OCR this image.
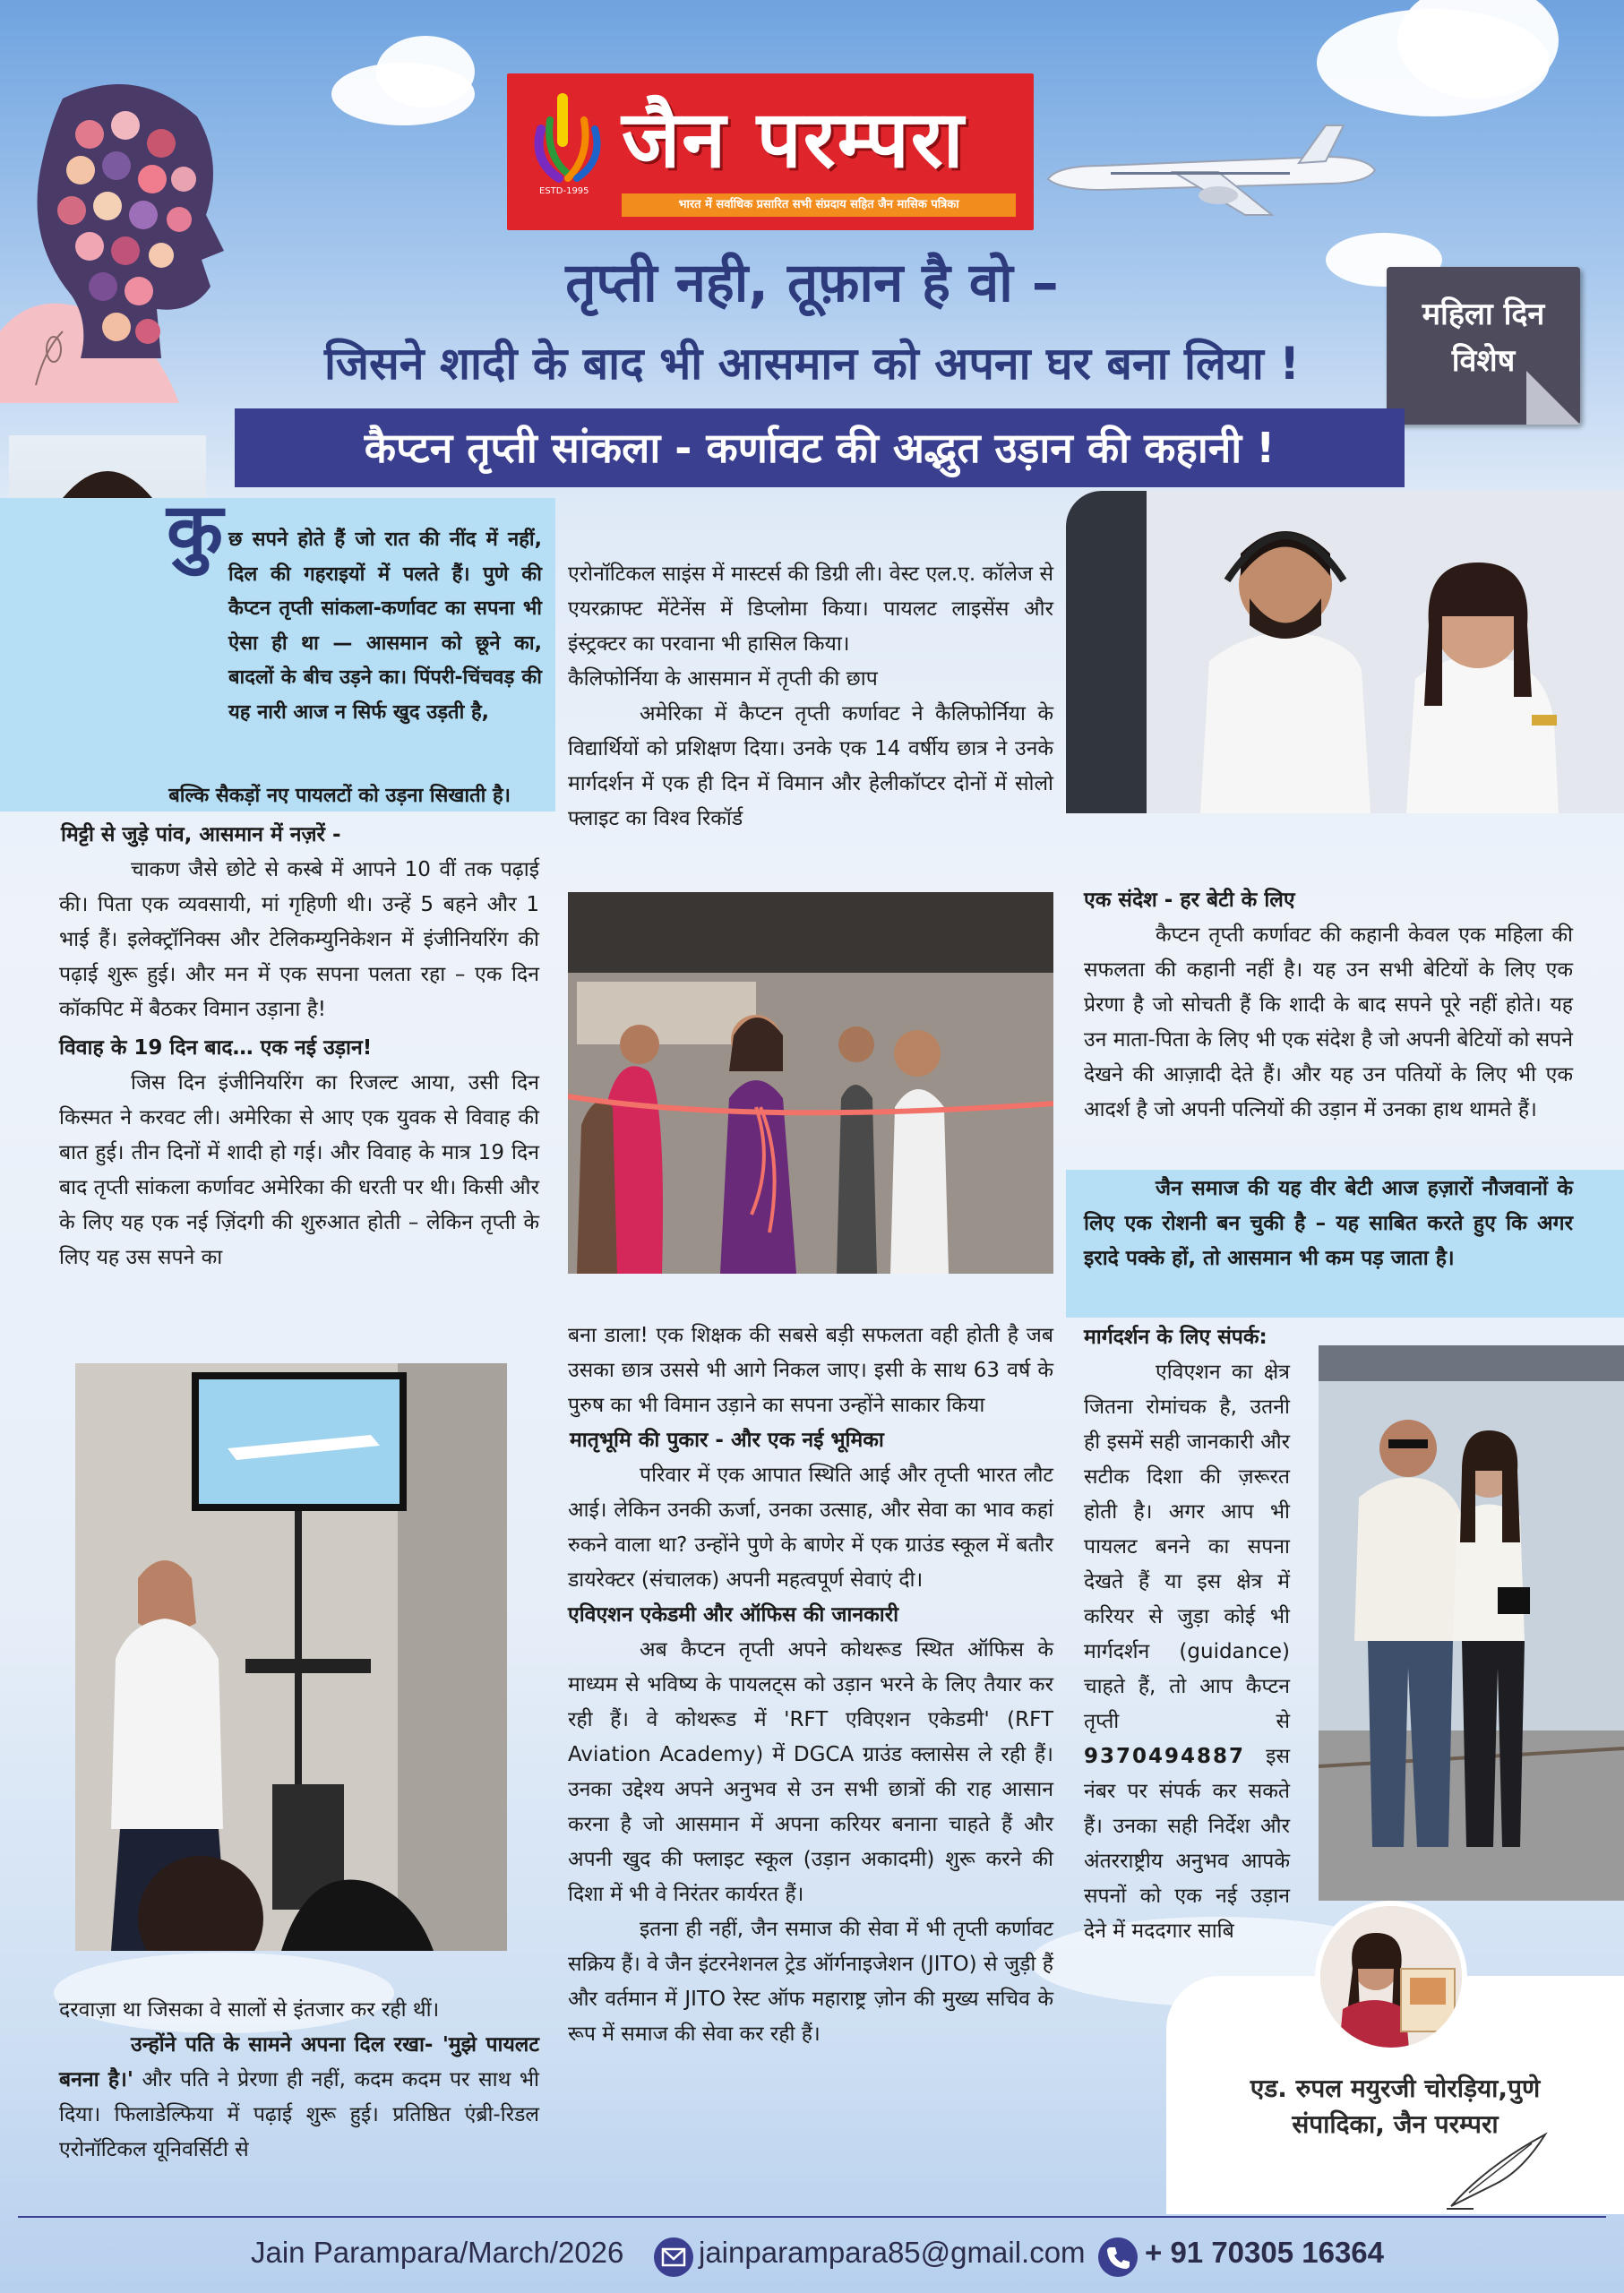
ESTD-1995
जैन परम्परा
भारत में सर्वाधिक प्रसारित सभी संप्रदाय सहित जैन मासिक पत्रिका
महिला दिन
विशेष
तृप्ती नही, तूफ़ान है वो –
जिसने शादी के बाद भी आसमान को अपना घर बना लिया !
कैप्टन तृप्ती सांकला - कर्णावट की अद्भुत उड़ान की कहानी !
कु छ सपने होते हैं जो रात की नींद में नहीं, दिल की गहराइयों में पलते हैं। पुणे की कैप्टन तृप्ती सांकला-कर्णावट का सपना भी ऐसा ही था — आसमान को छूने का, बादलों के बीच उड़ने का। पिंपरी-चिंचवड़ की यह नारी आज न सिर्फ खुद उड़ती है,
बल्कि सैकड़ों नए पायलटों को उड़ना सिखाती है।
मिट्टी से जुड़े पांव, आसमान में नज़रें -
चाकण जैसे छोटे से कस्बे में आपने 10 वीं तक पढ़ाई की। पिता एक व्यवसायी, मां गृहिणी थी। उन्हें 5 बहने और 1 भाई हैं। इलेक्ट्रॉनिक्स और टेलिकम्युनिकेशन में इंजीनियरिंग की पढ़ाई शुरू हुई। और मन में एक सपना पलता रहा – एक दिन कॉकपिट में बैठकर विमान उड़ाना है!
विवाह के 19 दिन बाद… एक नई उड़ान!
जिस दिन इंजीनियरिंग का रिजल्ट आया, उसी दिन किस्मत ने करवट ली। अमेरिका से आए एक युवक से विवाह की बात हुई। तीन दिनों में शादी हो गई। और विवाह के मात्र 19 दिन बाद तृप्ती सांकला कर्णावट अमेरिका की धरती पर थी। किसी और के लिए यह एक नई ज़िंदगी की शुरुआत होती – लेकिन तृप्ती के लिए यह उस सपने का
दरवाज़ा था जिसका वे सालों से इंतजार कर रही थीं।
उन्होंने पति के सामने अपना दिल रखा- 'मुझे पायलट बनना है।' और पति ने प्रेरणा ही नहीं, कदम कदम पर साथ भी दिया। फिलाडेल्फिया में पढ़ाई शुरू हुई। प्रतिष्ठित एंब्री-रिडल एरोनॉटिकल यूनिवर्सिटी से
एरोनॉटिकल साइंस में मास्टर्स की डिग्री ली। वेस्ट एल.ए. कॉलेज से एयरक्राफ्ट मेंटेनेंस में डिप्लोमा किया। पायलट लाइसेंस और इंस्ट्रक्टर का परवाना भी हासिल किया।
कैलिफोर्निया के आसमान में तृप्ती की छाप
अमेरिका में कैप्टन तृप्ती कर्णावट ने कैलिफोर्निया के विद्यार्थियों को प्रशिक्षण दिया। उनके एक 14 वर्षीय छात्र ने उनके मार्गदर्शन में एक ही दिन में विमान और हेलीकॉप्टर दोनों में सोलो फ्लाइट का विश्व रिकॉर्ड
बना डाला! एक शिक्षक की सबसे बड़ी सफलता वही होती है जब उसका छात्र उससे भी आगे निकल जाए। इसी के साथ 63 वर्ष के पुरुष का भी विमान उड़ाने का सपना उन्होंने साकार किया
मातृभूमि की पुकार - और एक नई भूमिका
परिवार में एक आपात स्थिति आई और तृप्ती भारत लौट आई। लेकिन उनकी ऊर्जा, उनका उत्साह, और सेवा का भाव कहां रुकने वाला था? उन्होंने पुणे के बाणेर में एक ग्राउंड स्कूल में बतौर डायरेक्टर (संचालक) अपनी महत्वपूर्ण सेवाएं दी।
एविएशन एकेडमी और ऑफिस की जानकारी
अब कैप्टन तृप्ती अपने कोथरूड स्थित ऑफिस के माध्यम से भविष्य के पायलट्स को उड़ान भरने के लिए तैयार कर रही हैं। वे कोथरूड में 'RFT एविएशन एकेडमी' (RFT Aviation Academy) में DGCA ग्राउंड क्लासेस ले रही हैं। उनका उद्देश्य अपने अनुभव से उन सभी छात्रों की राह आसान करना है जो आसमान में अपना करियर बनाना चाहते हैं और अपनी खुद की फ्लाइट स्कूल (उड़ान अकादमी) शुरू करने की दिशा में भी वे निरंतर कार्यरत हैं।
इतना ही नहीं, जैन समाज की सेवा में भी तृप्ती कर्णावट सक्रिय हैं। वे जैन इंटरनेशनल ट्रेड ऑर्गनाइजेशन (JITO) से जुड़ी हैं और वर्तमान में JITO रेस्ट ऑफ महाराष्ट्र ज़ोन की मुख्य सचिव के रूप में समाज की सेवा कर रही हैं।
एक संदेश - हर बेटी के लिए
कैप्टन तृप्ती कर्णावट की कहानी केवल एक महिला की सफलता की कहानी नहीं है। यह उन सभी बेटियों के लिए एक प्रेरणा है जो सोचती हैं कि शादी के बाद सपने पूरे नहीं होते। यह उन माता-पिता के लिए भी एक संदेश है जो अपनी बेटियों को सपने देखने की आज़ादी देते हैं। और यह उन पतियों के लिए भी एक आदर्श है जो अपनी पत्नियों की उड़ान में उनका हाथ थामते हैं।
जैन समाज की यह वीर बेटी आज हज़ारों नौजवानों के लिए एक रोशनी बन चुकी है – यह साबित करते हुए कि अगर इरादे पक्के हों, तो आसमान भी कम पड़ जाता है।
मार्गदर्शन के लिए संपर्क:
एविएशन का क्षेत्र जितना रोमांचक है, उतनी ही इसमें सही जानकारी और सटीक दिशा की ज़रूरत होती है। अगर आप भी पायलट बनने का सपना देखते हैं या इस क्षेत्र में करियर से जुड़ा कोई भी मार्गदर्शन (guidance) चाहते हैं, तो आप कैप्टन तृप्ती से 9370494887 इस नंबर पर संपर्क कर सकते हैं। उनका सही निर्देश और अंतरराष्ट्रीय अनुभव आपके सपनों को एक नई उड़ान देने में मददगार साबि
एड. रुपल मयुरजी चोरड़िया,पुणे
संपादिका, जैन परम्परा
Jain Parampara/March/2026	jainparampara85@gmail.com + 91 70305 16364
